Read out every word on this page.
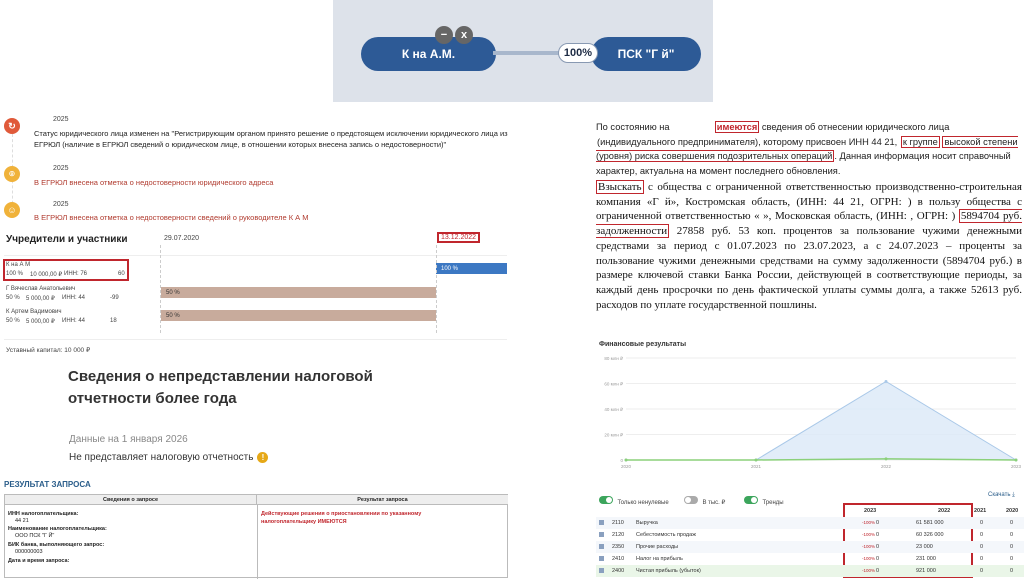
К на А.М.	ПСК "Г й"
100%
−	x
↻
2025
Статус юридического лица изменен на "Регистрирующим органом принято решение о предстоящем исключении юридического лица из ЕГРЮЛ (наличие в ЕГРЮЛ сведений о юридическом лице, в отношении которых внесена запись о недостоверности)"
⌾	2025
В ЕГРЮЛ внесена отметка о недостоверности юридического адреса
☺
2025
В ЕГРЮЛ внесена отметка о недостоверности сведений о руководителе К А М
Учредители и участники	29.07.2020	13.12.2022
К на А М
100 % 10 000,00 ₽ ИНН: 76	60
100 %
Г Вячеслав Анатольевич
50 % 5 000,00 ₽ ИНН: 44	-99
50 %
К Артем Вадимович
50 % 5 000,00 ₽ ИНН: 44	18
50 %
Уставный капитал: 10 000 ₽
Сведения о непредставлении налоговой отчетности более года
Данные на 1 января 2026
Не представляет налоговую отчетность	!
РЕЗУЛЬТАТ ЗАПРОСА
Сведения о запросе	Результат запроса
ИНН налогоплательщика:
44 21
Наименование налогоплательщика:
ООО ПСК "Г Й"
БИК банка, выполняющего запрос:
000000003
Дата и время запроса:
Действующие решения о приостановлении по указанному налогоплательщику ИМЕЮТСЯ
По состоянию на	имеются сведения об отнесении юридического лица (индивидуального предпринимателя), которому присвоен ИНН 44 21, к группе высокой степени (уровня) риска совершения подозрительных операций . Данная информация носит справочный характер, актуальна на момент последнего обновления.
Взыскать с общества с ограниченной ответственностью производственно-строительная компания «Г й», Костромская область, (ИНН: 44 21, ОГРН: ) в пользу общества с ограниченной ответственностью « », Московская область, (ИНН: , ОГРН: ) 5894704 руб. задолженности 27858 руб. 53 коп. процентов за пользование чужими денежными средствами за период с 01.07.2023 по 23.07.2023, а с 24.07.2023 – проценты за пользование чужими денежными средствами на сумму задолженности (5894704 руб.) в размере ключевой ставки Банка России, действующей в соответствующие периоды, за каждый день просрочки по день фактической уплаты суммы долга, а также 52613 руб. расходов по уплате государственной пошлины.
Финансовые результаты
0
20 млн ₽
40 млн ₽
60 млн ₽
80 млн ₽
2020	2021	2022	2023
Только ненулевые	В тыс. ₽	Тренды
Скачать ⤓
2023	2022	2021	2020
2110 Выручка	-100% 0	61 581 000	0	0
2120 Себестоимость продаж	-100% 0	60 326 000	0	0
2350 Прочие расходы	-100% 0	23 000	0	0
2410 Налог на прибыль	-100% 0	231 000	0	0
2400 Чистая прибыль (убыток)	-100% 0	921 000	0	0
